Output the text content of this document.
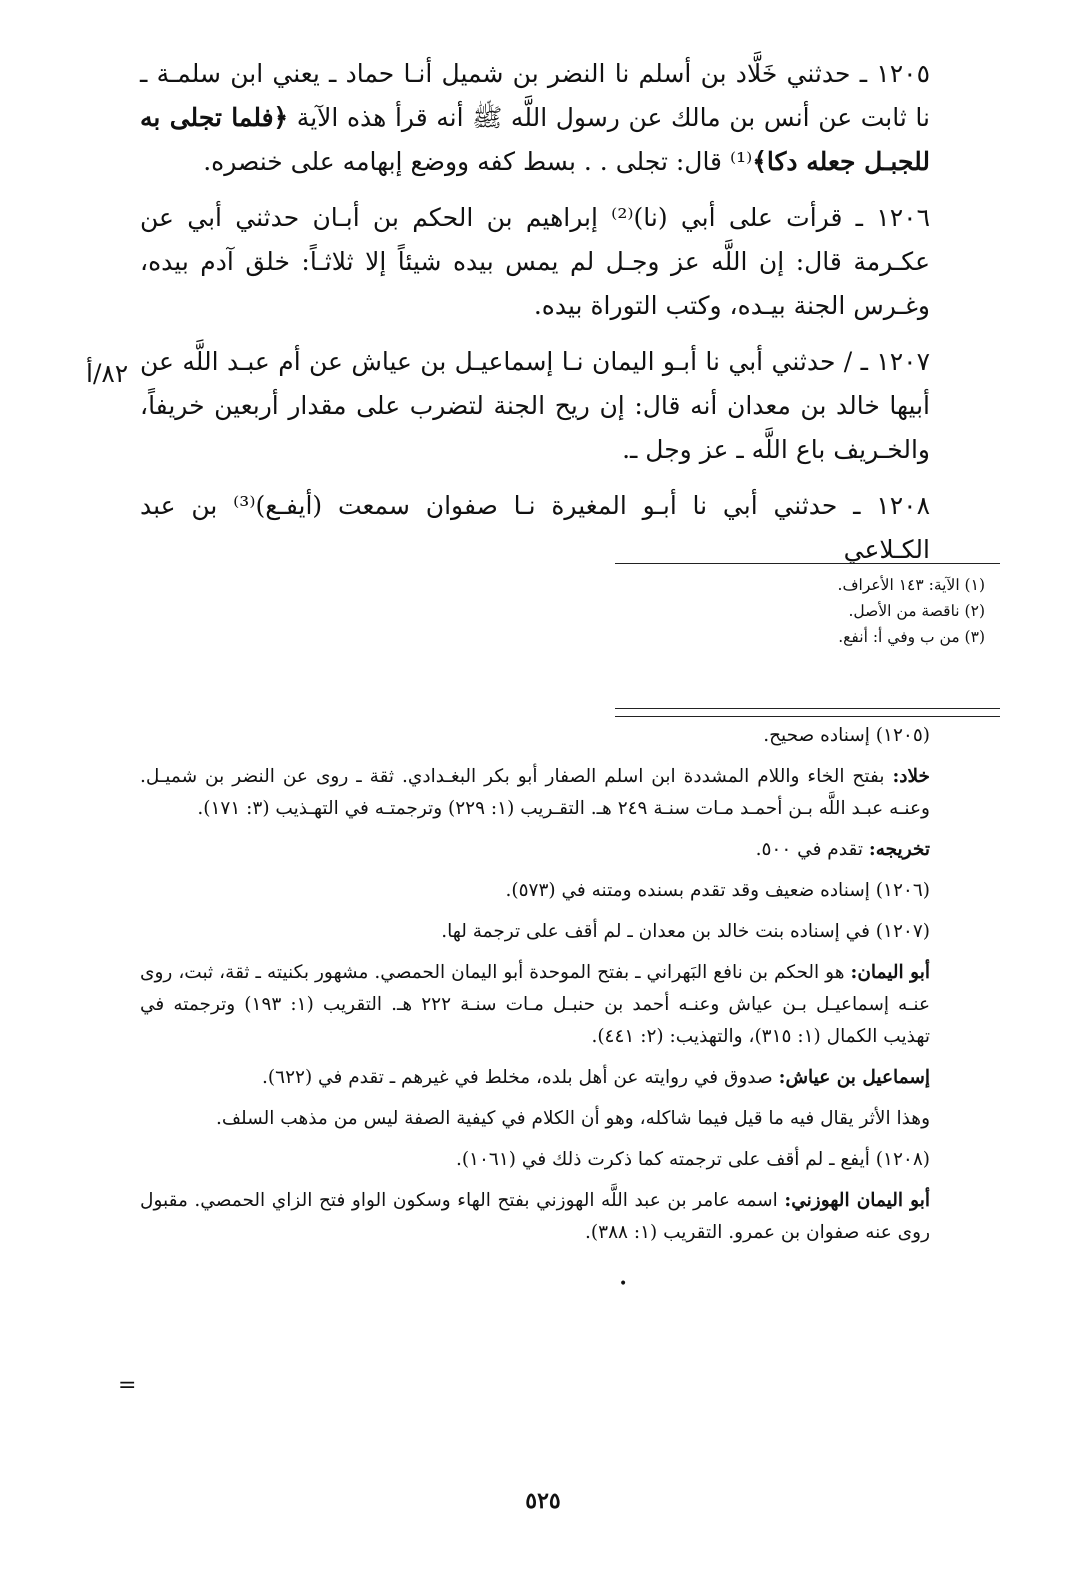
١٢٠٥ ـ حدثني خَلَّاد بن أسلم نا النضر بن شميل أنـا حماد ـ يعني ابن سلمـة ـ نا ثابت عن أنس بن مالك عن رسول اللَّه ﷺ أنه قرأ هذه الآية ﴿فلما تجلى به للجبـل جعله دكا﴾⁽¹⁾ قال: تجلى . . بسط كفه ووضع إبهامه على خنصره.

١٢٠٦ ـ قرأت على أبي (نا)⁽²⁾ إبراهيم بن الحكم بن أبـان حدثني أبي عن عكـرمة قال: إن اللَّه عز وجـل لم يمس بيده شيئاً إلا ثلاثـاً: خلق آدم بيده، وغـرس الجنة بيـده، وكتب التوراة بيده.

١٢٠٧ ـ / حدثني أبي نا أبـو اليمان نـا إسماعيـل بن عياش عن أم عبـد اللَّه عن أبيها خالد بن معدان أنه قال: إن ريح الجنة لتضرب على مقدار أربعين خريفاً، والخـريف باع اللَّه ـ عز وجل ـ.

١٢٠٨ ـ حدثني أبي نا أبـو المغيرة نـا صفوان سمعت (أيفـع)⁽³⁾ بن عبد الكـلاعي

٨٢/أ
(١) الآية: ١٤٣ الأعراف.
(٢) ناقصة من الأصل.
(٣) من ب وفي أ: أنفع.

(١٢٠٥) إسناده صحيح.

خلاد: بفتح الخاء واللام المشددة ابن اسلم الصفار أبو بكر البغـدادي. ثقة ـ روى عن النضر بن شميـل. وعنـه عبـد اللَّه بـن أحمـد مـات سنـة ٢٤٩ هـ. التقـريب (١: ٢٢٩) وترجمتـه في التهـذيب (٣: ١٧١).

تخريجه: تقدم في ٥٠٠.

(١٢٠٦) إسناده ضعيف وقد تقدم بسنده ومتنه في (٥٧٣).

(١٢٠٧) في إسناده بنت خالد بن معدان ـ لم أقف على ترجمة لها.

أبو اليمان: هو الحكم بن نافع البَهراني ـ بفتح الموحدة أبو اليمان الحمصي. مشهور بكنيته ـ ثقة، ثبت، روى عنـه إسماعيـل بـن عياش وعنـه أحمد بن حنبـل مـات سنـة ٢٢٢ هـ. التقريب (١: ١٩٣) وترجمته في تهذيب الكمال (١: ٣١٥)، والتهذيب: (٢: ٤٤١).

إسماعيل بن عياش: صدوق في روايته عن أهل بلده، مخلط في غيرهم ـ تقدم في (٦٢٢).

وهذا الأثر يقال فيه ما قيل فيما شاكله، وهو أن الكلام في كيفية الصفة ليس من مذهب السلف.

(١٢٠٨) أيفع ـ لم أقف على ترجمته كما ذكرت ذلك في (١٠٦١).

أبو اليمان الهوزني: اسمه عامر بن عبد اللَّه الهوزني بفتح الهاء وسكون الواو فتح الزاي الحمصي. مقبول روى عنه صفوان بن عمرو. التقريب (١: ٣٨٨).

•
=
٥٢٥
